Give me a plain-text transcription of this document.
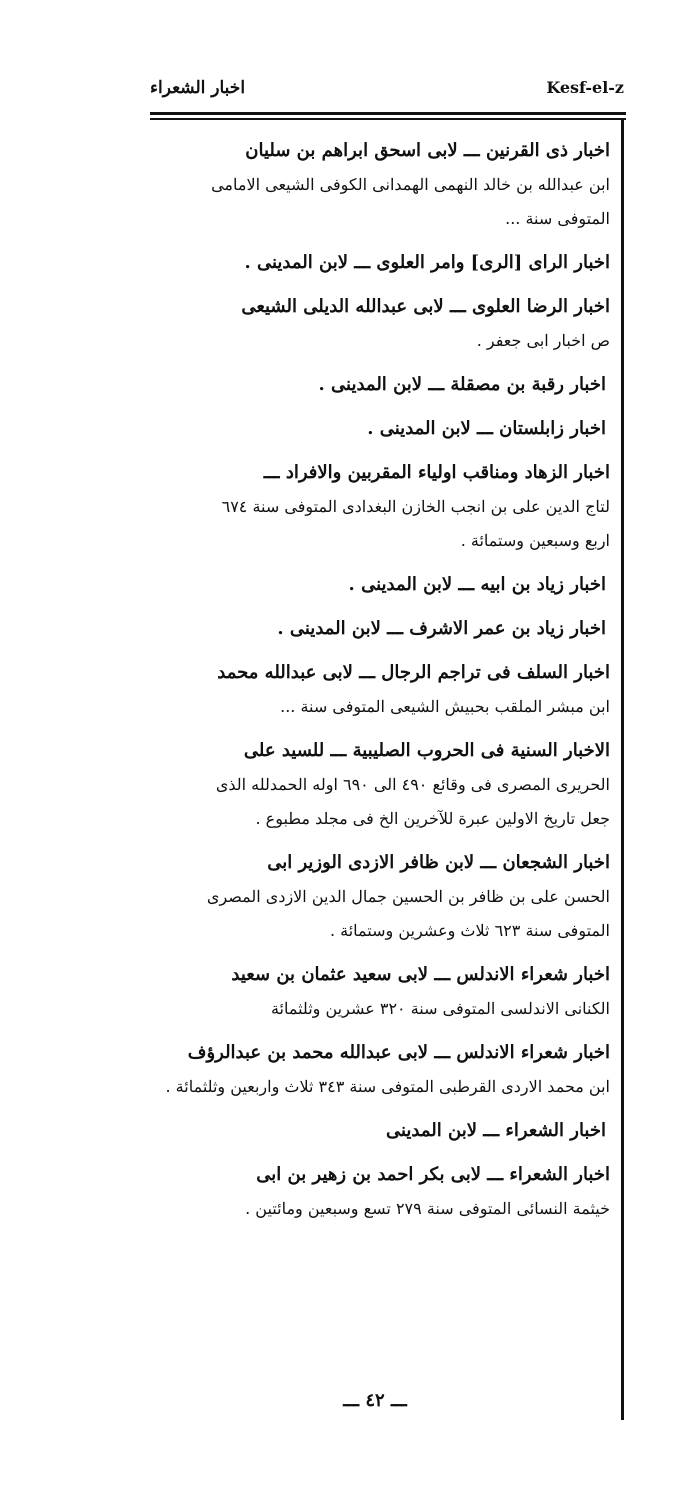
اخبار الشعراء	Kesf-el-z
اخبار ذى القرنين ـــ لابى اسحق ابراهم بن سليان
ابن عبدالله بن خالد النهمى الهمدانى الكوفى الشيعى الامامى
المتوفى سنة ...
اخبار الراى [الرى] وامر العلوى ـــ لابن المدينى .
اخبار الرضا العلوى ـــ لابى عبدالله الديلى الشيعى
ص اخبار ابى جعفر .
اخبار رقبة بن مصقلة ـــ لابن المدينى .
اخبار زابلستان ـــ لابن المدينى .
اخبار الزهاد ومناقب اولياء المقربين والافراد ـــ
لتاج الدين على بن انجب الخازن البغدادى المتوفى سنة ٦٧٤
اربع وسبعين وستمائة .
اخبار زياد بن ابيه ـــ لابن المدينى .
اخبار زياد بن عمر الاشرف ـــ لابن المدينى .
اخبار السلف فى تراجم الرجال ـــ لابى عبدالله محمد
ابن مبشر الملقب بحبيش الشيعى المتوفى سنة ...
الاخبار السنية فى الحروب الصليبية ـــ للسيد على
الحريرى المصرى فى وقائع ٤٩٠ الى ٦٩٠ اوله الحمدلله الذى
جعل تاريخ الاولين عبرة للآخرين الخ فى مجلد مطبوع .
اخبار الشجعان ـــ لابن ظافر الازدى الوزير ابى
الحسن على بن ظافر بن الحسين جمال الدين الازدى المصرى
المتوفى سنة ٦٢٣ ثلاث وعشرين وستمائة .
اخبار شعراء الاندلس ـــ لابى سعيد عثمان بن سعيد
الكنانى الاندلسى المتوفى سنة ٣٢٠ عشرين وثلثمائة
اخبار شعراء الاندلس ـــ لابى عبدالله محمد بن عبدالرؤف
ابن محمد الاردى القرطبى المتوفى سنة ٣٤٣ ثلاث واربعين وثلثمائة .
اخبار الشعراء ـــ لابن المدينى
اخبار الشعراء ـــ لابى بكر احمد بن زهير بن ابى
خيثمة النسائى المتوفى سنة ٢٧٩ تسع وسبعين ومائتين .
ـــ ٤٢ ـــ
